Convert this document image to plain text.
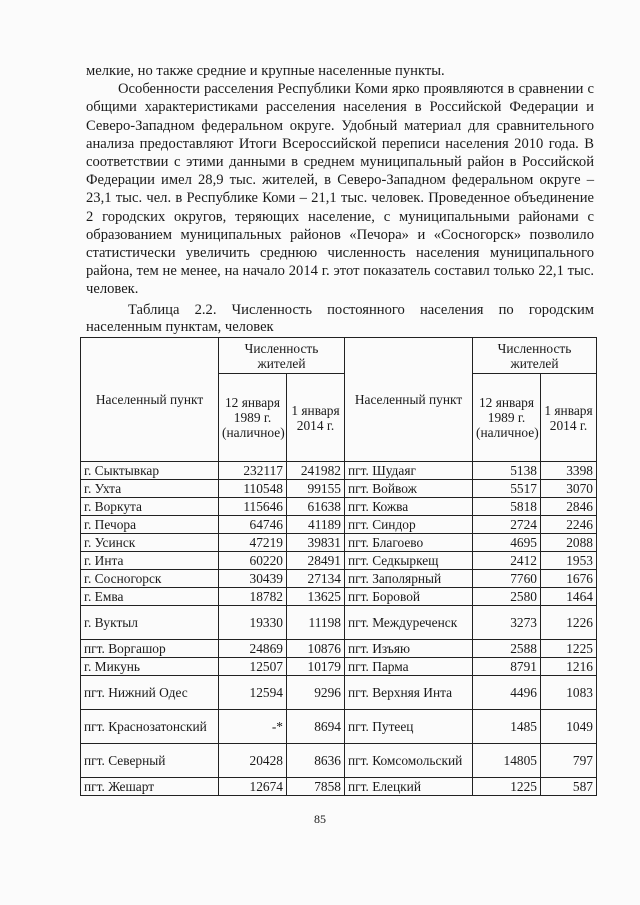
мелкие, но также средние и крупные населенные пункты.

Особенности расселения Республики Коми ярко проявляются в сравнении с общими характеристиками расселения населения в Российской Федерации и Северо-Западном федеральном округе. Удобный материал для сравнительного анализа предоставляют Итоги Всероссийской переписи населения 2010 года. В соответствии с этими данными в среднем муниципальный район в Российской Федерации имел 28,9 тыс. жителей, в Северо-Западном федеральном округе – 23,1 тыс. чел. в Республике Коми – 21,1 тыс. человек. Проведенное объединение 2 городских округов, теряющих население, с муниципальными районами с образованием муниципальных районов «Печора» и «Сосногорск» позволило статистически увеличить среднюю численность населения муниципального района, тем не менее, на начало 2014 г. этот показатель составил только 22,1 тыс. человек.

Таблица 2.2. Численность постоянного населения по городским населенным пунктам, человек
Населенный пункт	Численность жителей		Населенный пункт	Численность жителей	
	12 января 1989 г. (наличное)	1 января 2014 г.		12 января 1989 г. (наличное)	1 января 2014 г.
г. Сыктывкар	232117	241982	пгт. Шудаяг	5138	3398
г. Ухта	110548	99155	пгт. Войвож	5517	3070
г. Воркута	115646	61638	пгт. Кожва	5818	2846
г. Печора	64746	41189	пгт. Синдор	2724	2246
г. Усинск	47219	39831	пгт. Благоево	4695	2088
г. Инта	60220	28491	пгт. Седкыркещ	2412	1953
г. Сосногорск	30439	27134	пгт. Заполярный	7760	1676
г. Емва	18782	13625	пгт. Боровой	2580	1464
г. Вуктыл	19330	11198	пгт. Междуреченск	3273	1226
пгт. Воргашор	24869	10876	пгт. Изъяю	2588	1225
г. Микунь	12507	10179	пгт. Парма	8791	1216
пгт. Нижний Одес	12594	9296	пгт. Верхняя Инта	4496	1083
пгт. Краснозатонский	-*	8694	пгт. Путеец	1485	1049
пгт. Северный	20428	8636	пгт. Комсомольский	14805	797
пгт. Жешарт	12674	7858	пгт. Елецкий	1225	587
85
